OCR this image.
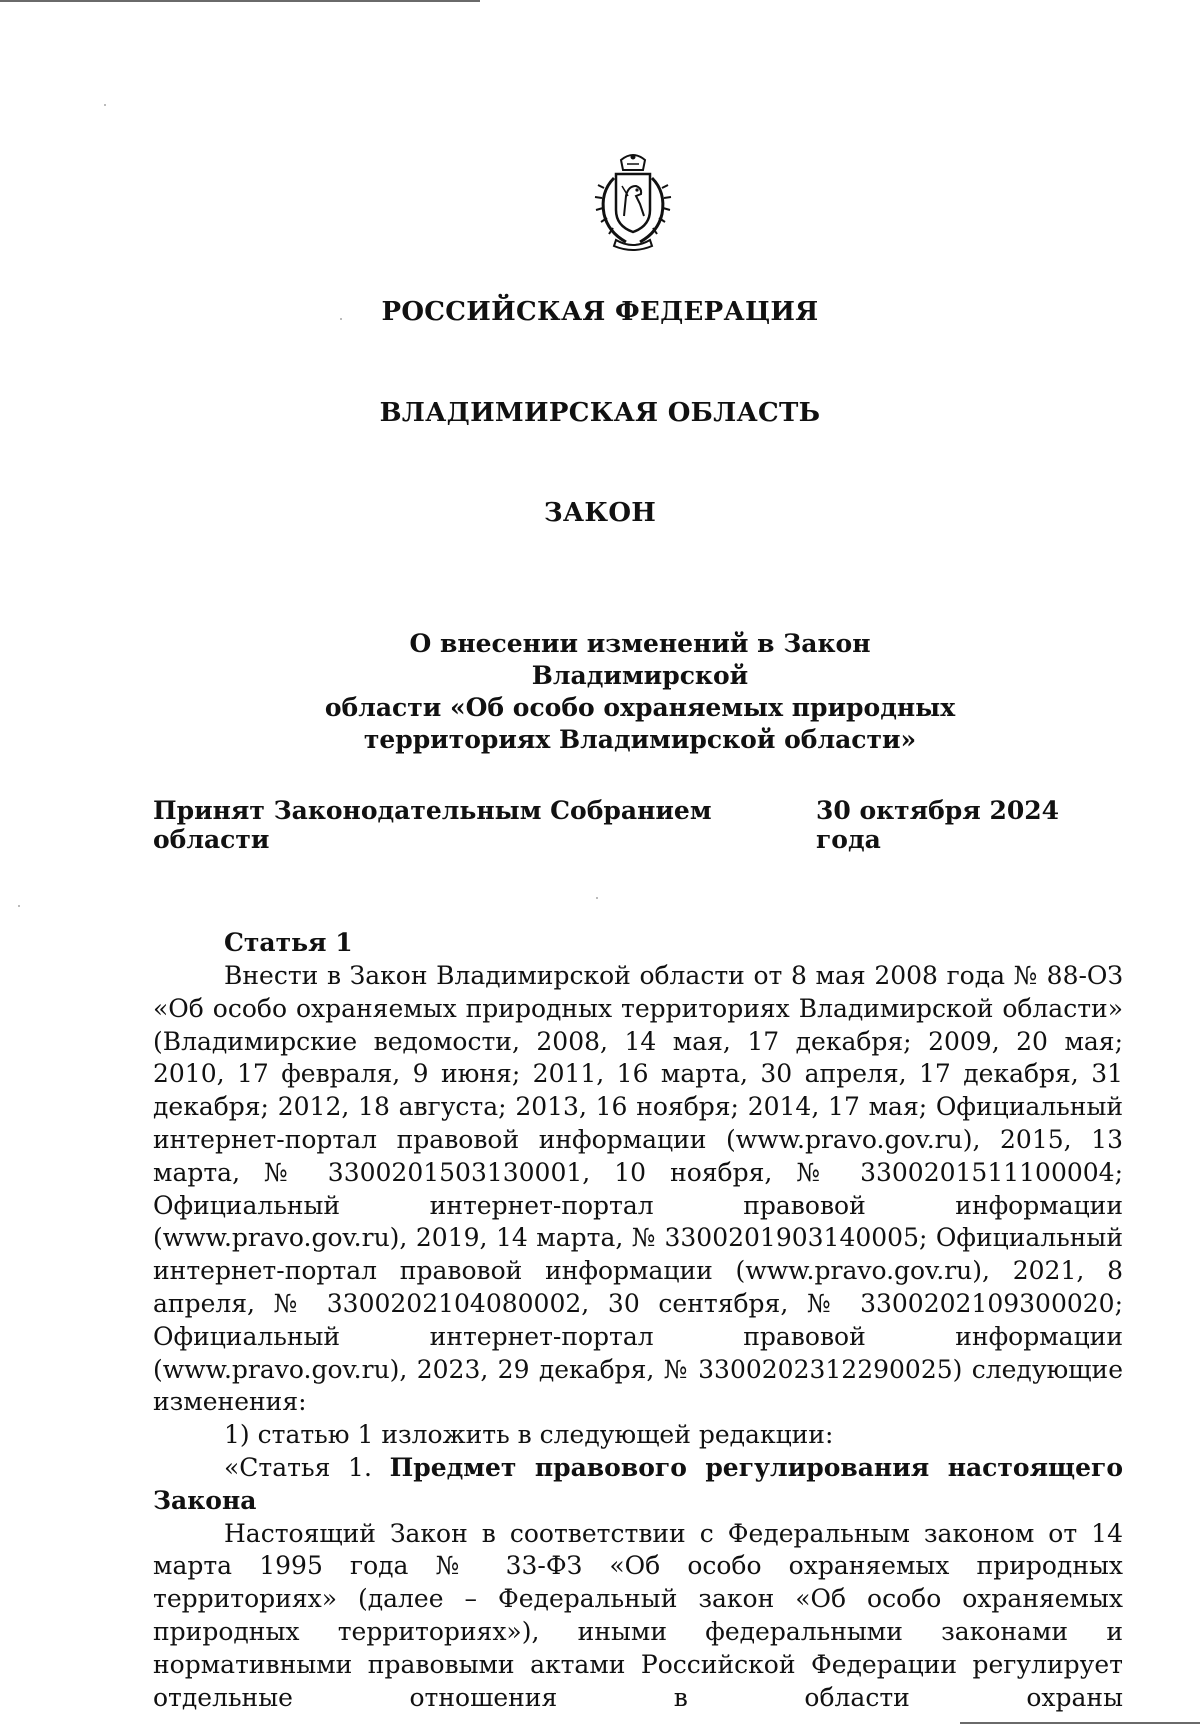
РОССИЙСКАЯ ФЕДЕРАЦИЯ
ВЛАДИМИРСКАЯ ОБЛАСТЬ
ЗАКОН
О внесении изменений в Закон Владимирской
области «Об особо охраняемых природных
территориях Владимирской области»
Принят Законодательным Собранием области
30 октября 2024 года
Статья 1

Внести в Закон Владимирской области от 8 мая 2008 года № 88-ОЗ «Об особо охраняемых природных территориях Владимирской области» (Владимирские ведомости, 2008, 14 мая, 17 декабря; 2009, 20 мая; 2010, 17 февраля, 9 июня; 2011, 16 марта, 30 апреля, 17 декабря, 31 декабря; 2012, 18 августа; 2013, 16 ноября; 2014, 17 мая; Официальный интернет-портал правовой информации (www.pravo.gov.ru), 2015, 13 марта, № 3300201503130001, 10 ноября, № 3300201511100004; Официальный интернет-портал правовой информации (www.pravo.gov.ru), 2019, 14 марта, № 3300201903140005; Официальный интернет-портал правовой информации (www.pravo.gov.ru), 2021, 8 апреля, № 3300202104080002, 30 сентября, № 3300202109300020; Официальный интернет-портал правовой информации (www.pravo.gov.ru), 2023, 29 декабря, № 3300202312290025) следующие изменения:

1) статью 1 изложить в следующей редакции:

«Статья 1. Предмет правового регулирования настоящего Закона

Настоящий Закон в соответствии с Федеральным законом от 14 марта 1995 года № 33-ФЗ «Об особо охраняемых природных территориях» (далее – Федеральный закон «Об особо охраняемых природных территориях»), иными федеральными законами и нормативными правовыми актами Российской Федерации регулирует отдельные отношения в области охраны
